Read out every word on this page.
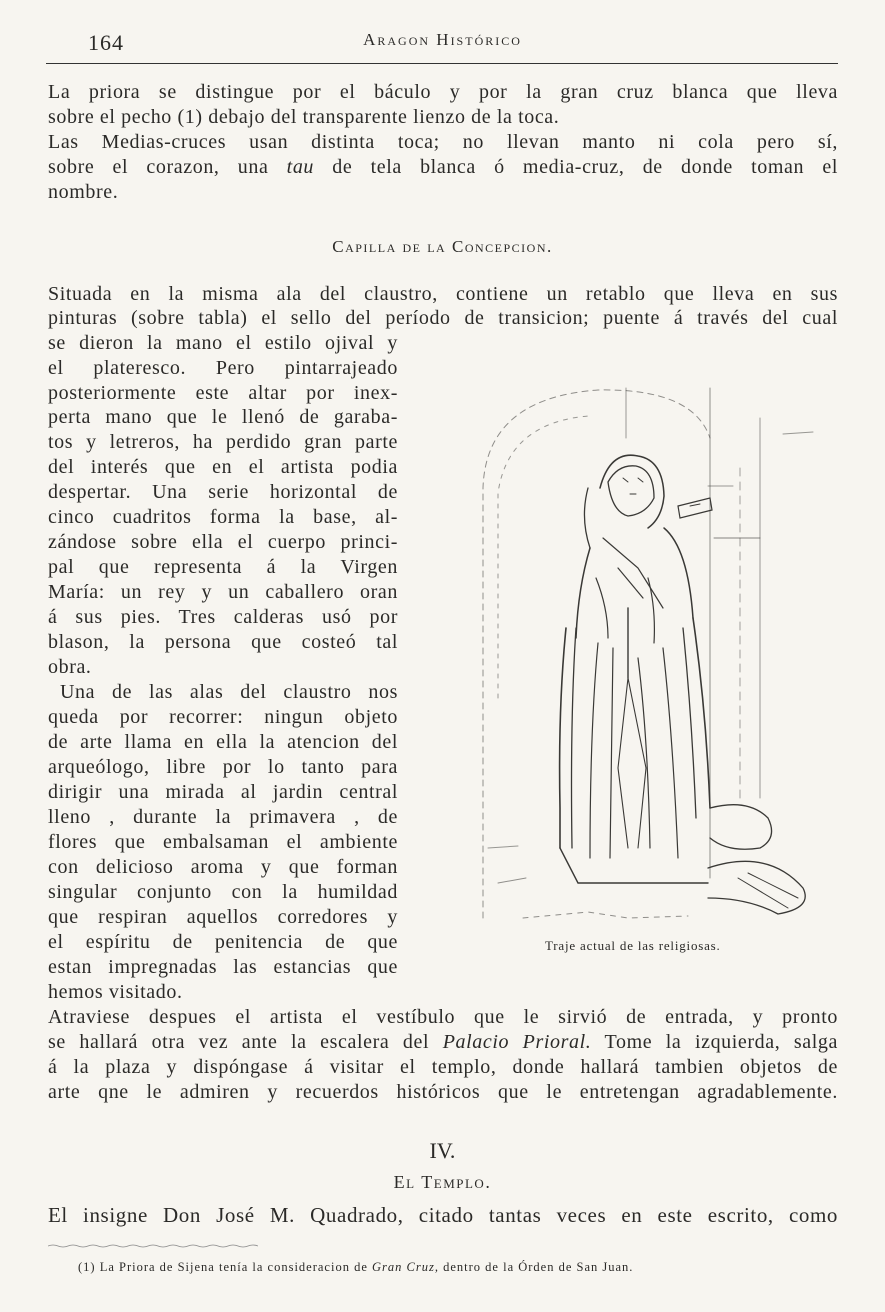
164	Aragon Histórico
La priora se distingue por el báculo y por la gran cruz blanca que lleva
sobre el pecho (1) debajo del transparente lienzo de la toca.
Las Medias-cruces usan distinta toca; no llevan manto ni cola pero sí,
sobre el corazon, una tau de tela blanca ó media-cruz, de donde toman el
nombre.
Capilla de la Concepcion.
Situada en la misma ala del claustro, contiene un retablo que lleva en sus
pinturas (sobre tabla) el sello del período de transicion; puente á través del cual
se dieron la mano el estilo ojival y
el plateresco. Pero pintarrajeado
posteriormente este altar por inex-
perta mano que le llenó de garaba-
tos y letreros, ha perdido gran parte
del interés que en el artista podia
despertar. Una serie horizontal de
cinco cuadritos forma la base, al-
zándose sobre ella el cuerpo princi-
pal que representa á la Virgen
María: un rey y un caballero oran
á sus pies. Tres calderas usó por
blason, la persona que costeó tal
obra.
Una de las alas del claustro nos
queda por recorrer: ningun objeto
de arte llama en ella la atencion del
arqueólogo, libre por lo tanto para
dirigir una mirada al jardin central
lleno , durante la primavera , de
flores que embalsaman el ambiente
con delicioso aroma y que forman
singular conjunto con la humildad
que respiran aquellos corredores y
el espíritu de penitencia de que
estan impregnadas las estancias que
hemos visitado.
Traje actual de las religiosas.
Atraviese despues el artista el vestíbulo que le sirvió de entrada, y pronto
se hallará otra vez ante la escalera del Palacio Prioral. Tome la izquierda, salga
á la plaza y dispóngase á visitar el templo, donde hallará tambien objetos de
arte qne le admiren y recuerdos históricos que le entretengan agradablemente.
IV.
El Templo.
El insigne Don José M. Quadrado, citado tantas veces en este escrito, como
(1) La Priora de Sijena tenía la consideracion de Gran Cruz, dentro de la Órden de San Juan.
